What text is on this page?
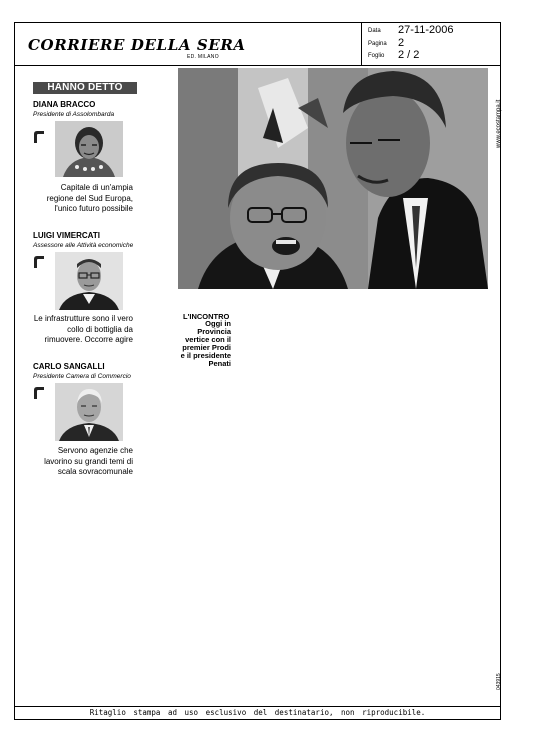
CORRIERE DELLA SERA
ED. MILANO
Data 27-11-2006
Pagina 2
Foglio 2 / 2
www.ecostampa.it
043915
HANNO DETTO
DIANA BRACCO
Presidente di Assolombarda
Capitale di un'ampia regione del Sud Europa, l'unico futuro possibile
LUIGI VIMERCATI
Assessore alle Attività economiche
Le infrastrutture sono il vero collo di bottiglia da rimuovere. Occorre agire
CARLO SANGALLI
Presidente Camera di Commercio
Servono agenzie che lavorino su grandi temi di scala sovracomunale
L'INCONTRO
Oggi in Provincia vertice con il premier Prodi e il presidente Penati
Ritaglio stampa ad uso esclusivo del destinatario, non riproducibile.
